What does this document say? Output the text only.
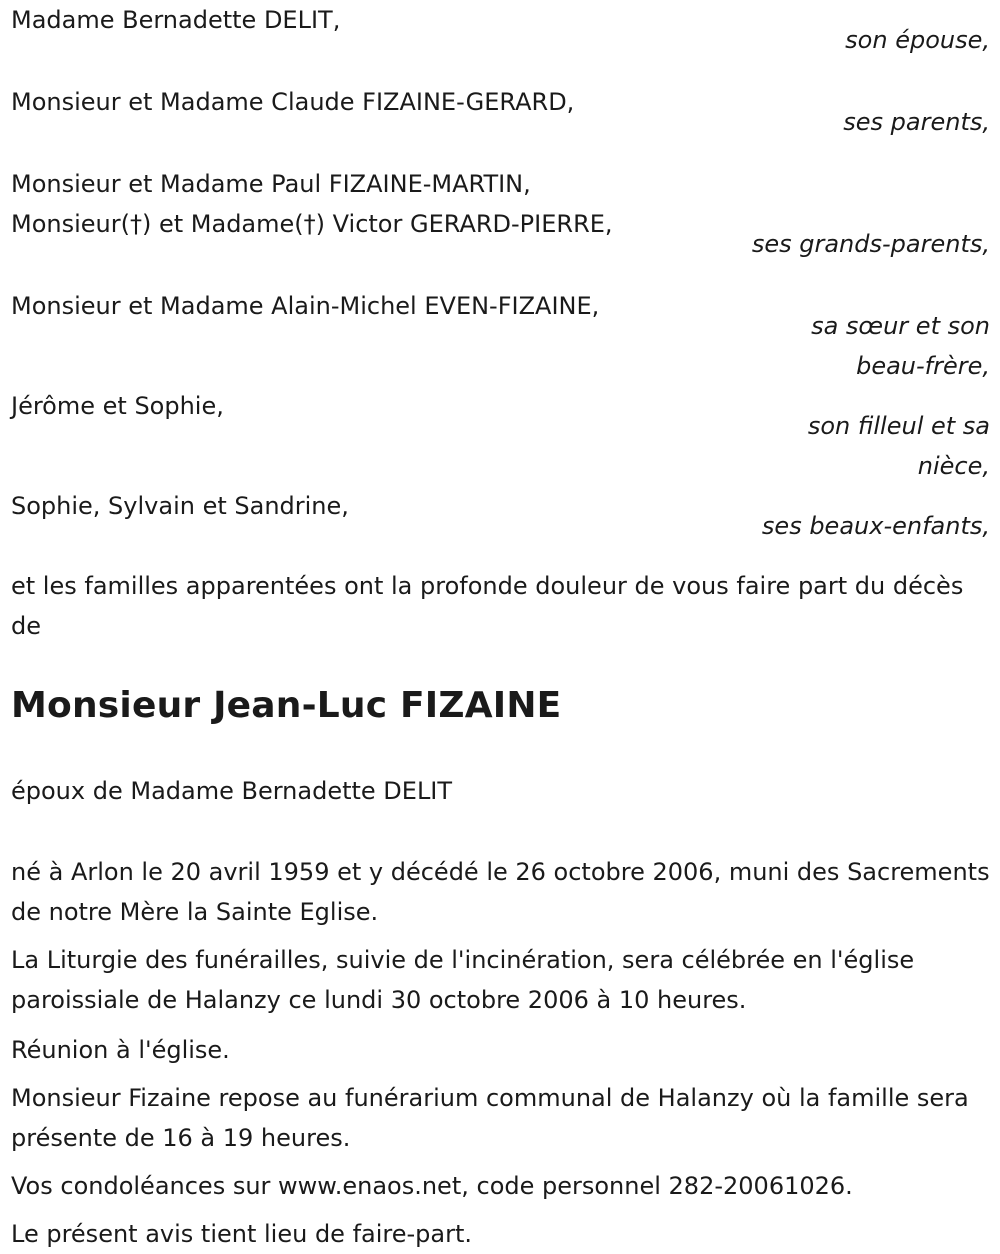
Madame Bernadette DELIT,
son épouse,
Monsieur et Madame Claude FIZAINE-GERARD,
ses parents,
Monsieur et Madame Paul FIZAINE-MARTIN,
Monsieur(†) et Madame(†) Victor GERARD-PIERRE,
ses grands-parents,
Monsieur et Madame Alain-Michel EVEN-FIZAINE,
sa sœur et son
beau-frère,
Jérôme et Sophie,
son filleul et sa
nièce,
Sophie, Sylvain et Sandrine,
ses beaux-enfants,
et les familles apparentées ont la profonde douleur de vous faire part du décès de
Monsieur Jean-Luc FIZAINE
époux de Madame Bernadette DELIT
né à Arlon le 20 avril 1959 et y décédé le 26 octobre 2006, muni des Sacrements de notre Mère la Sainte Eglise.
La Liturgie des funérailles, suivie de l'incinération, sera célébrée en l'église paroissiale de Halanzy ce lundi 30 octobre 2006 à 10 heures.
Réunion à l'église.
Monsieur Fizaine repose au funérarium communal de Halanzy où la famille sera présente de 16 à 19 heures.
Vos condoléances sur www.enaos.net, code personnel 282-20061026.
Le présent avis tient lieu de faire-part.
